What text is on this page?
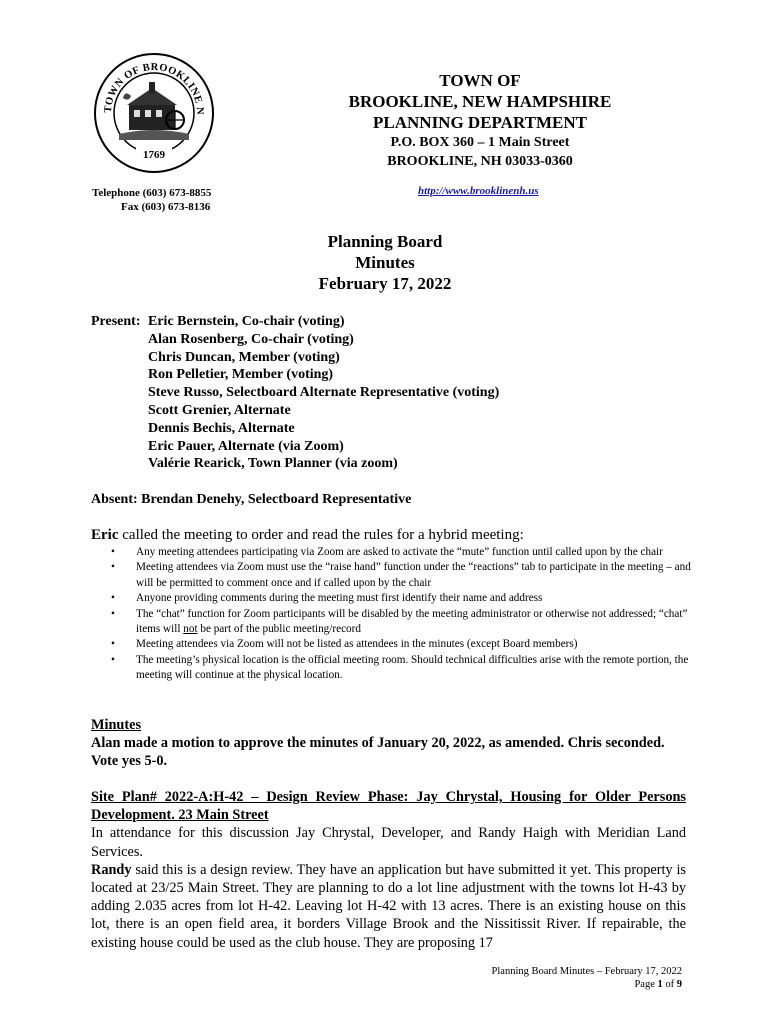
TOWN OF BROOKLINE N
1769
TOWN OF
BROOKLINE, NEW HAMPSHIRE
PLANNING DEPARTMENT
P.O. BOX 360 – 1 Main Street
BROOKLINE, NH 03033-0360
Telephone (603) 673-8855
Fax (603) 673-8136
http://www.brooklinenh.us
Planning Board
Minutes
February 17, 2022
Present: Eric Bernstein, Co-chair (voting)
Alan Rosenberg, Co-chair (voting)
Chris Duncan, Member (voting)
Ron Pelletier, Member (voting)
Steve Russo, Selectboard Alternate Representative (voting)
Scott Grenier, Alternate
Dennis Bechis, Alternate
Eric Pauer, Alternate (via Zoom)
Valérie Rearick, Town Planner (via zoom)
Absent: Brendan Denehy, Selectboard Representative
Eric called the meeting to order and read the rules for a hybrid meeting:
• Any meeting attendees participating via Zoom are asked to activate the “mute” function until called upon by the chair
• Meeting attendees via Zoom must use the “raise hand” function under the “reactions” tab to participate in the meeting – and will be permitted to comment once and if called upon by the chair
• Anyone providing comments during the meeting must first identify their name and address
• The “chat” function for Zoom participants will be disabled by the meeting administrator or otherwise not addressed; “chat” items will not be part of the public meeting/record
• Meeting attendees via Zoom will not be listed as attendees in the minutes (except Board members)
• The meeting’s physical location is the official meeting room. Should technical difficulties arise with the remote portion, the meeting will continue at the physical location.
Minutes
Alan made a motion to approve the minutes of January 20, 2022, as amended. Chris seconded. Vote yes 5-0.

Site Plan# 2022-A:H-42 – Design Review Phase: Jay Chrystal, Housing for Older Persons Development. 23 Main Street

In attendance for this discussion Jay Chrystal, Developer, and Randy Haigh with Meridian Land Services.

Randy said this is a design review. They have an application but have submitted it yet. This property is located at 23/25 Main Street. They are planning to do a lot line adjustment with the towns lot H-43 by adding 2.035 acres from lot H-42. Leaving lot H-42 with 13 acres. There is an existing house on this lot, there is an open field area, it borders Village Brook and the Nissitissit River. If repairable, the existing house could be used as the club house. They are proposing 17

Planning Board Minutes – February 17, 2022
Page 1 of 9
